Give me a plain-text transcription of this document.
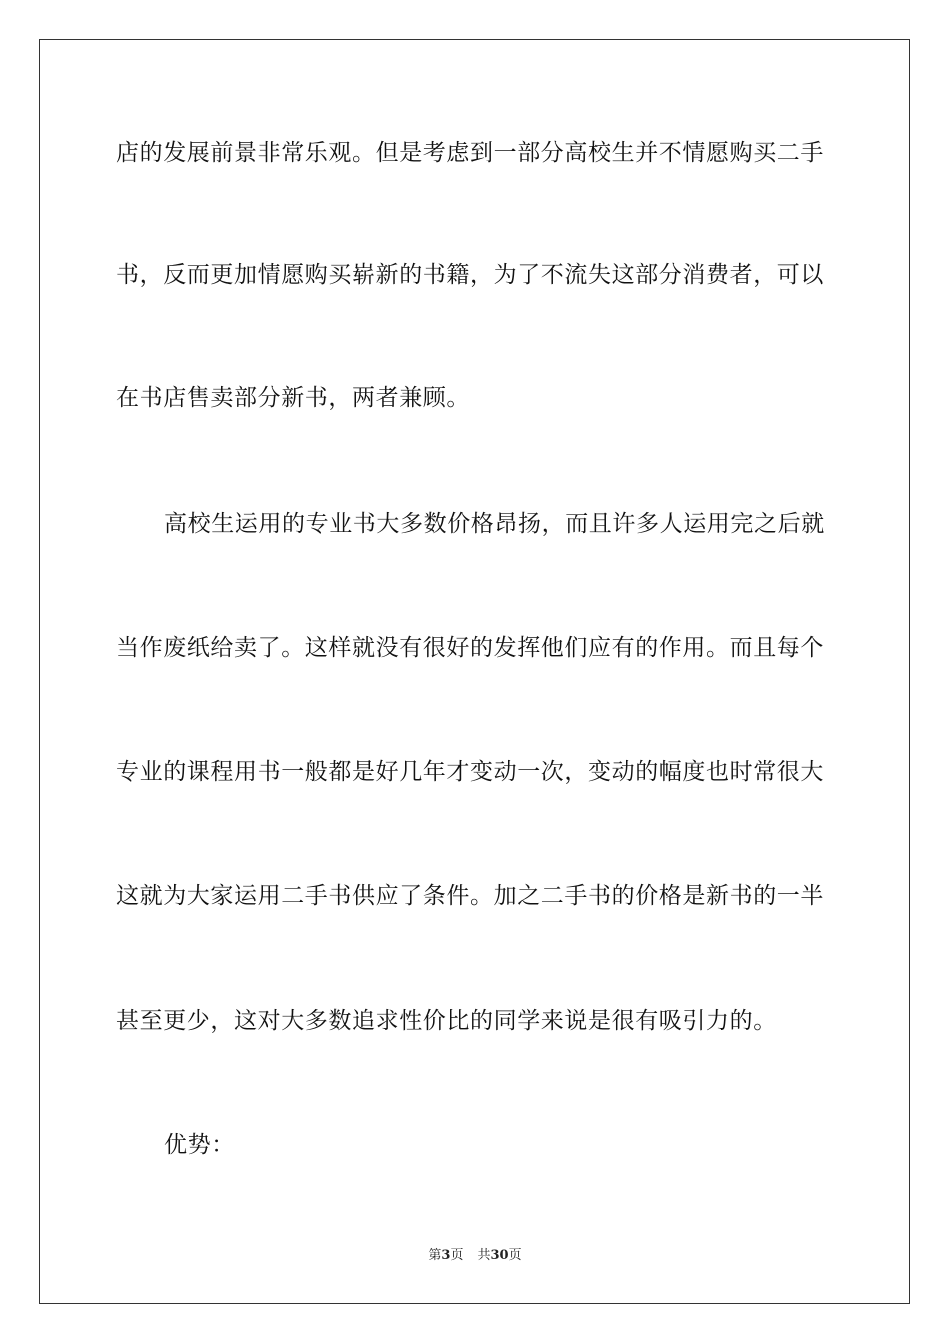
店的发展前景非常乐观。但是考虑到一部分高校生并不情愿购买二手
书，反而更加情愿购买崭新的书籍，为了不流失这部分消费者，可以
在书店售卖部分新书，两者兼顾。
高校生运用的专业书大多数价格昂扬，而且许多人运用完之后就
当作废纸给卖了。这样就没有很好的发挥他们应有的作用。而且每个
专业的课程用书一般都是好几年才变动一次，变动的幅度也时常很大
这就为大家运用二手书供应了条件。加之二手书的价格是新书的一半
甚至更少，这对大多数追求性价比的同学来说是很有吸引力的。
优势：
第3页 共30页
